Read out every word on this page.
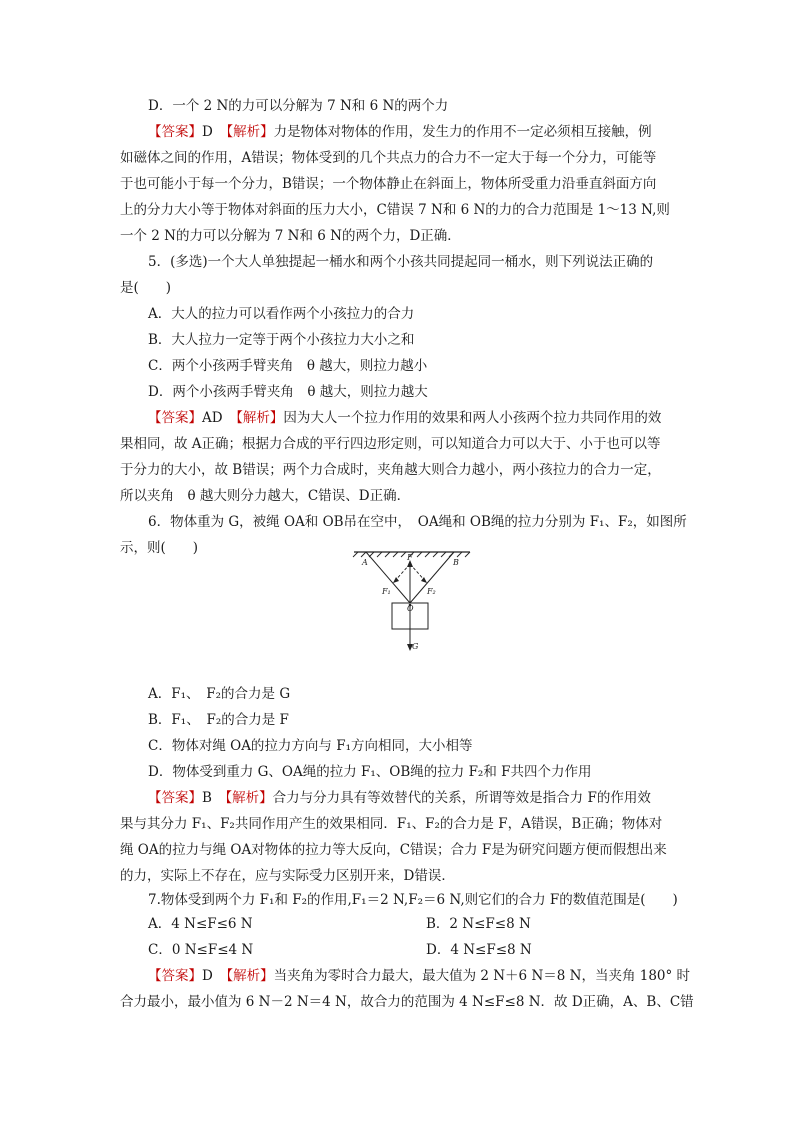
D．一个 2 N的力可以分解为 7 N和 6 N的两个力
【答案】D　 【解析】力是物体对物体的作用，发生力的作用不一定必须相互接触，例
如磁体之间的作用，A错误；物体受到的几个共点力的合力不一定大于每一个分力，可能等
于也可能小于每一个分力，B错误；一个物体静止在斜面上，物体所受重力沿垂直斜面方向
上的分力大小等于物体对斜面的压力大小，C错误 7 N和 6 N的力的合力范围是 1～13 N,则
一个 2 N的力可以分解为 7 N和 6 N的两个力，D正确．
5．(多选)一个大人单独提起一桶水和两个小孩共同提起同一桶水，则下列说法正确的
是(　　)
A．大人的拉力可以看作两个小孩拉力的合力
B．大人拉力一定等于两个小孩拉力大小之和
C．两个小孩两手臂夹角　θ 越大，则拉力越小
D．两个小孩两手臂夹角　θ 越大，则拉力越大
【答案】AD　 【解析】因为大人一个拉力作用的效果和两人小孩两个拉力共同作用的效
果相同，故 A正确；根据力合成的平行四边形定则，可以知道合力可以大于、小于也可以等
于分力的大小，故 B错误；两个力合成时，夹角越大则合力越小，两小孩拉力的合力一定，
所以夹角　θ 越大则分力越大，C错误、D正确．
6．物体重为 G，被绳 OA和 OB吊在空中，　OA绳和 OB绳的拉力分别为 F₁、F₂，如图所
示，则(　　)
A	B
F
F₁	F₂
O
G
A．F₁、　F₂的合力是 G
B．F₁、　F₂的合力是 F
C．物体对绳 OA的拉力方向与 F₁方向相同，大小相等
D．物体受到重力 G、OA绳的拉力 F₁、OB绳的拉力 F₂和 F共四个力作用
【答案】B　 【解析】合力与分力具有等效替代的关系，所谓等效是指合力 F的作用效
果与其分力 F₁、F₂共同作用产生的效果相同．F₁、F₂的合力是 F，A错误，B正确；物体对
绳 OA的拉力与绳 OA对物体的拉力等大反向，C错误；合力 F是为研究问题方便而假想出来
的力，实际上不存在，应与实际受力区别开来，D错误．
7.物体受到两个力 F₁和 F₂的作用,F₁＝2 N,F₂＝6 N,则它们的合力 F的数值范围是(　　)
A．4 N≤F≤6 N	B．2 N≤F≤8 N
C．0 N≤F≤4 N	D．4 N≤F≤8 N
【答案】D　 【解析】当夹角为零时合力最大，最大值为 2 N＋6 N＝8 N，当夹角 180° 时
合力最小，最小值为 6 N－2 N＝4 N，故合力的范围为 4 N≤F≤8 N．故 D正确，A、B、C错
